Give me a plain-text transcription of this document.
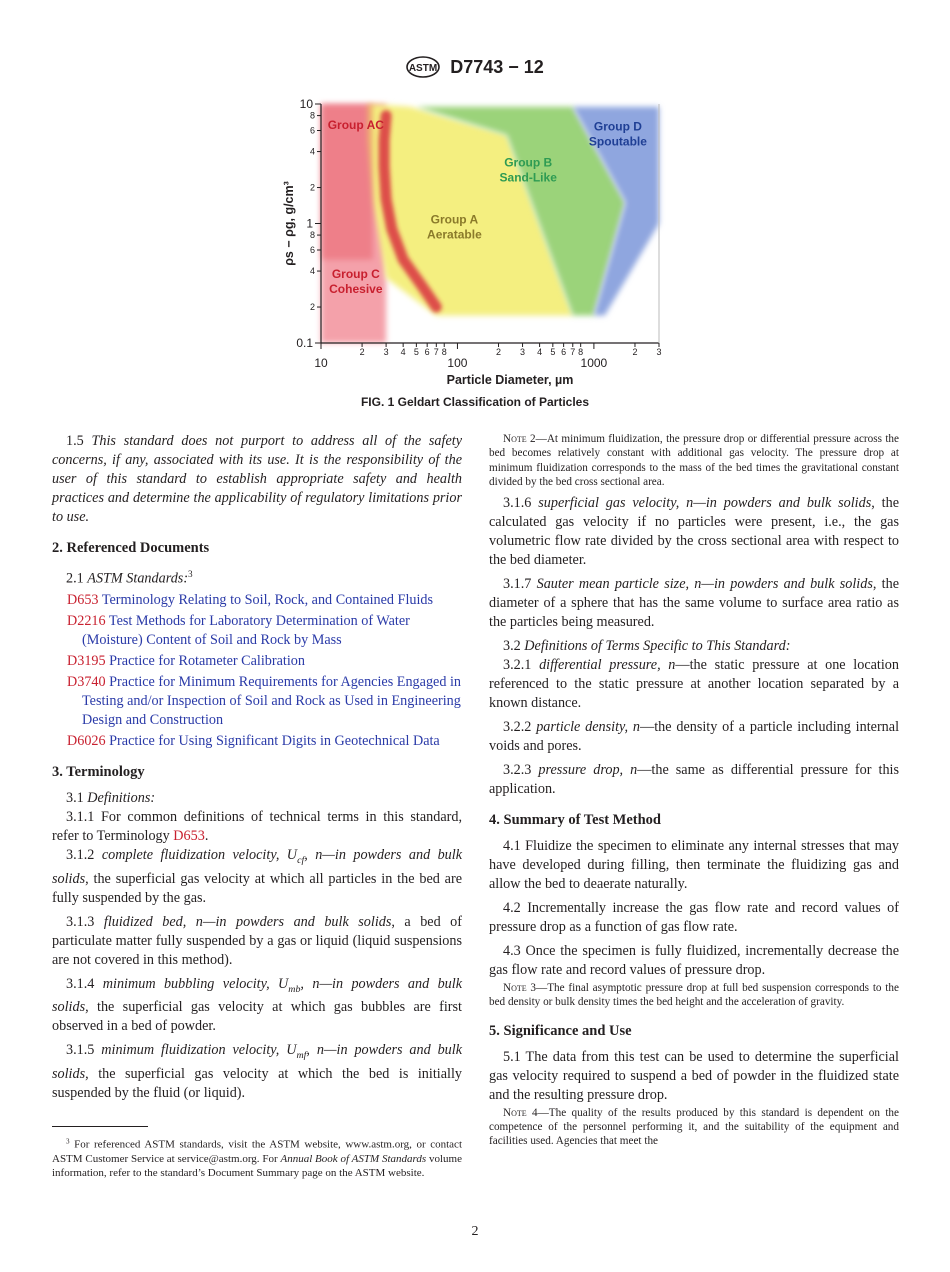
ASTM D7743 − 12
10
2 3 4 5 6 7 8
100
2 3 4 5 6 7 8
1000
2 3
10
8
6
4
2
1
8
6
4
2
0.1
Particle Diameter, µm
ρs − ρg, g/cm³
Group AC
Group C
Cohesive
Group A
Aeratable
Group B
Sand-Like
Group D
Spoutable
FIG. 1 Geldart Classification of Particles

1.5 This standard does not purport to address all of the safety concerns, if any, associated with its use. It is the responsibility of the user of this standard to establish appropriate safety and health practices and determine the applicability of regulatory limitations prior to use.

2. Referenced Documents

2.1 ASTM Standards:$^3$

D653 Terminology Relating to Soil, Rock, and Contained Fluids

D2216 Test Methods for Laboratory Determination of Water (Moisture) Content of Soil and Rock by Mass

D3195 Practice for Rotameter Calibration

D3740 Practice for Minimum Requirements for Agencies Engaged in Testing and/or Inspection of Soil and Rock as Used in Engineering Design and Construction

D6026 Practice for Using Significant Digits in Geotechnical Data

3. Terminology

3.1 Definitions:

3.1.1 For common definitions of technical terms in this standard, refer to Terminology D653.

3.1.2 complete fluidization velocity, $U_{cf}$, n—in powders and bulk solids, the superficial gas velocity at which all particles in the bed are fully suspended by the gas.

3.1.3 fluidized bed, n—in powders and bulk solids, a bed of particulate matter fully suspended by a gas or liquid (liquid suspensions are not covered in this method).

3.1.4 minimum bubbling velocity, $U_{mb}$, n—in powders and bulk solids, the superficial gas velocity at which gas bubbles are first observed in a bed of powder.

3.1.5 minimum fluidization velocity, $U_{mf}$, n—in powders and bulk solids, the superficial gas velocity at which the bed is initially suspended by the fluid (or liquid).

$^3$ For referenced ASTM standards, visit the ASTM website, www.astm.org, or contact ASTM Customer Service at service@astm.org. For Annual Book of ASTM Standards volume information, refer to the standard’s Document Summary page on the ASTM website.

Note 2—At minimum fluidization, the pressure drop or differential pressure across the bed becomes relatively constant with additional gas velocity. The pressure drop at minimum fluidization corresponds to the mass of the bed times the gravitational constant divided by the bed cross sectional area.

3.1.6 superficial gas velocity, n—in powders and bulk solids, the calculated gas velocity if no particles were present, i.e., the gas volumetric flow rate divided by the cross sectional area with respect to the bed diameter.

3.1.7 Sauter mean particle size, n—in powders and bulk solids, the diameter of a sphere that has the same volume to surface area ratio as the particles being measured.

3.2 Definitions of Terms Specific to This Standard:

3.2.1 differential pressure, n—the static pressure at one location referenced to the static pressure at another location separated by a known distance.

3.2.2 particle density, n—the density of a particle including internal voids and pores.

3.2.3 pressure drop, n—the same as differential pressure for this application.

4. Summary of Test Method

4.1 Fluidize the specimen to eliminate any internal stresses that may have developed during filling, then terminate the fluidizing gas and allow the bed to deaerate naturally.

4.2 Incrementally increase the gas flow rate and record values of pressure drop as a function of gas flow rate.

4.3 Once the specimen is fully fluidized, incrementally decrease the gas flow rate and record values of pressure drop.

Note 3—The final asymptotic pressure drop at full bed suspension corresponds to the bed density or bulk density times the bed height and the acceleration of gravity.

5. Significance and Use

5.1 The data from this test can be used to determine the superficial gas velocity required to suspend a bed of powder in the fluidized state and the resulting pressure drop.

Note 4—The quality of the results produced by this standard is dependent on the competence of the personnel performing it, and the suitability of the equipment and facilities used. Agencies that meet the

2
